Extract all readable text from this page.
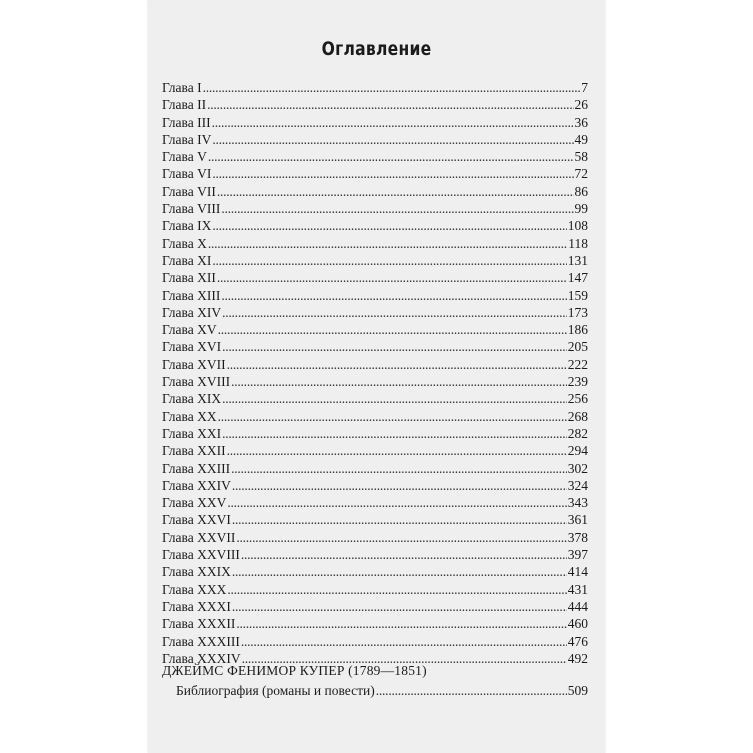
Оглавление
Глава I . . .	7
Глава II . . .	26
Глава III . . .	36
Глава IV . . .	49
Глава V . . .	58
Глава VI . . .	72
Глава VII . . .	86
Глава VIII . . .	99
Глава IX . . .	108
Глава X . . .	118
Глава XI . . .	131
Глава XII . . .	147
Глава XIII . . .	159
Глава XIV . . .	173
Глава XV . . .	186
Глава XVI . . .	205
Глава XVII . . .	222
Глава XVIII . . .	239
Глава XIX . . .	256
Глава XX . . .	268
Глава XXI . . .	282
Глава XXII . . .	294
Глава XXIII . . .	302
Глава XXIV . . .	324
Глава XXV . . .	343
Глава XXVI . . .	361
Глава XXVII . . .	378
Глава XXVIII . . .	397
Глава XXIX . . .	414
Глава XXX . . .	431
Глава XXXI . . .	444
Глава XXXII . . .	460
Глава XXXIII . . .	476
Глава XXXIV . . .	492
ДЖЕЙМС ФЕНИМОР КУПЕР (1789—1851)
Библиография (романы и повести) . . .	509
